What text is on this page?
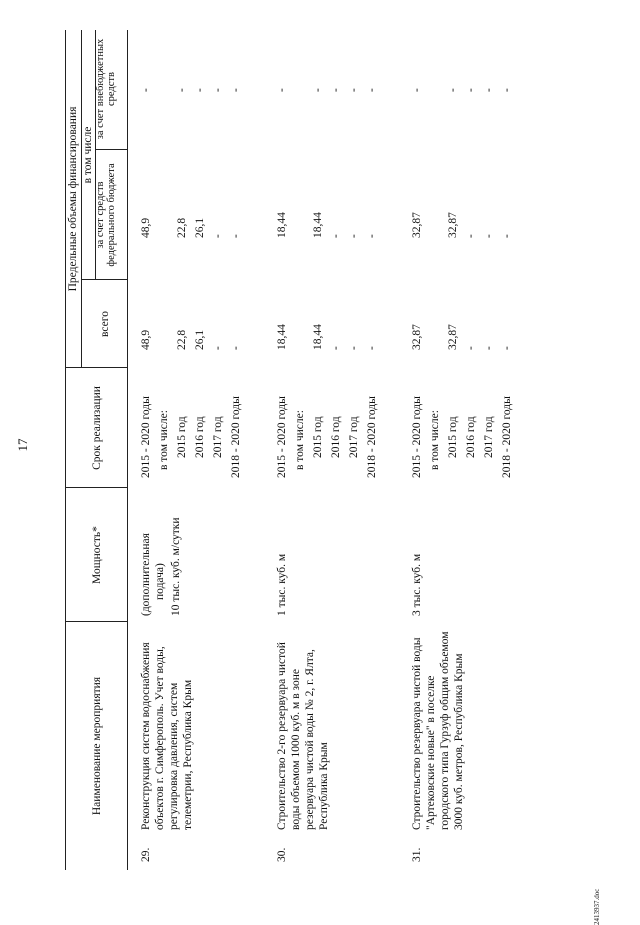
17
Наименование мероприятия
Мощность*
Срок реализации
Предельные объемы финансирования
всего
в том числе
за счет средств федерального бюджета
за счет внебюджетных средств
29.
Реконструкция систем водоснабжения объектов г. Симферополь. Учет воды, регулировка давления, систем телеметрии, Республика Крым
(дополнительная подача) 10 тыс. куб. м/сутки
2015 - 2020 годы в том числе: 2015 год 2016 год 2017 год 2018 - 2020 годы
48,9 22,8 26,1 - -
48,9 22,8 26,1 - -
- - - - -
30.
Строительство 2-го резервуара чистой воды объемом 1000 куб. м в зоне резервуара чистой воды № 2, г. Ялта, Республика Крым
1 тыс. куб. м
2015 - 2020 годы в том числе: 2015 год 2016 год 2017 год 2018 - 2020 годы
18,44 18,44 - - -
18,44 18,44 - - -
- - - - -
31.
Строительство резервуара чистой воды "Артековские новые" в поселке городского типа Гурзуф общим объемом 3000 куб. метров, Республика Крым
3 тыс. куб. м
2015 - 2020 годы в том числе: 2015 год 2016 год 2017 год 2018 - 2020 годы
32,87 32,87 - - -
32,87 32,87 - - -
- - - - -
2413937.doc
